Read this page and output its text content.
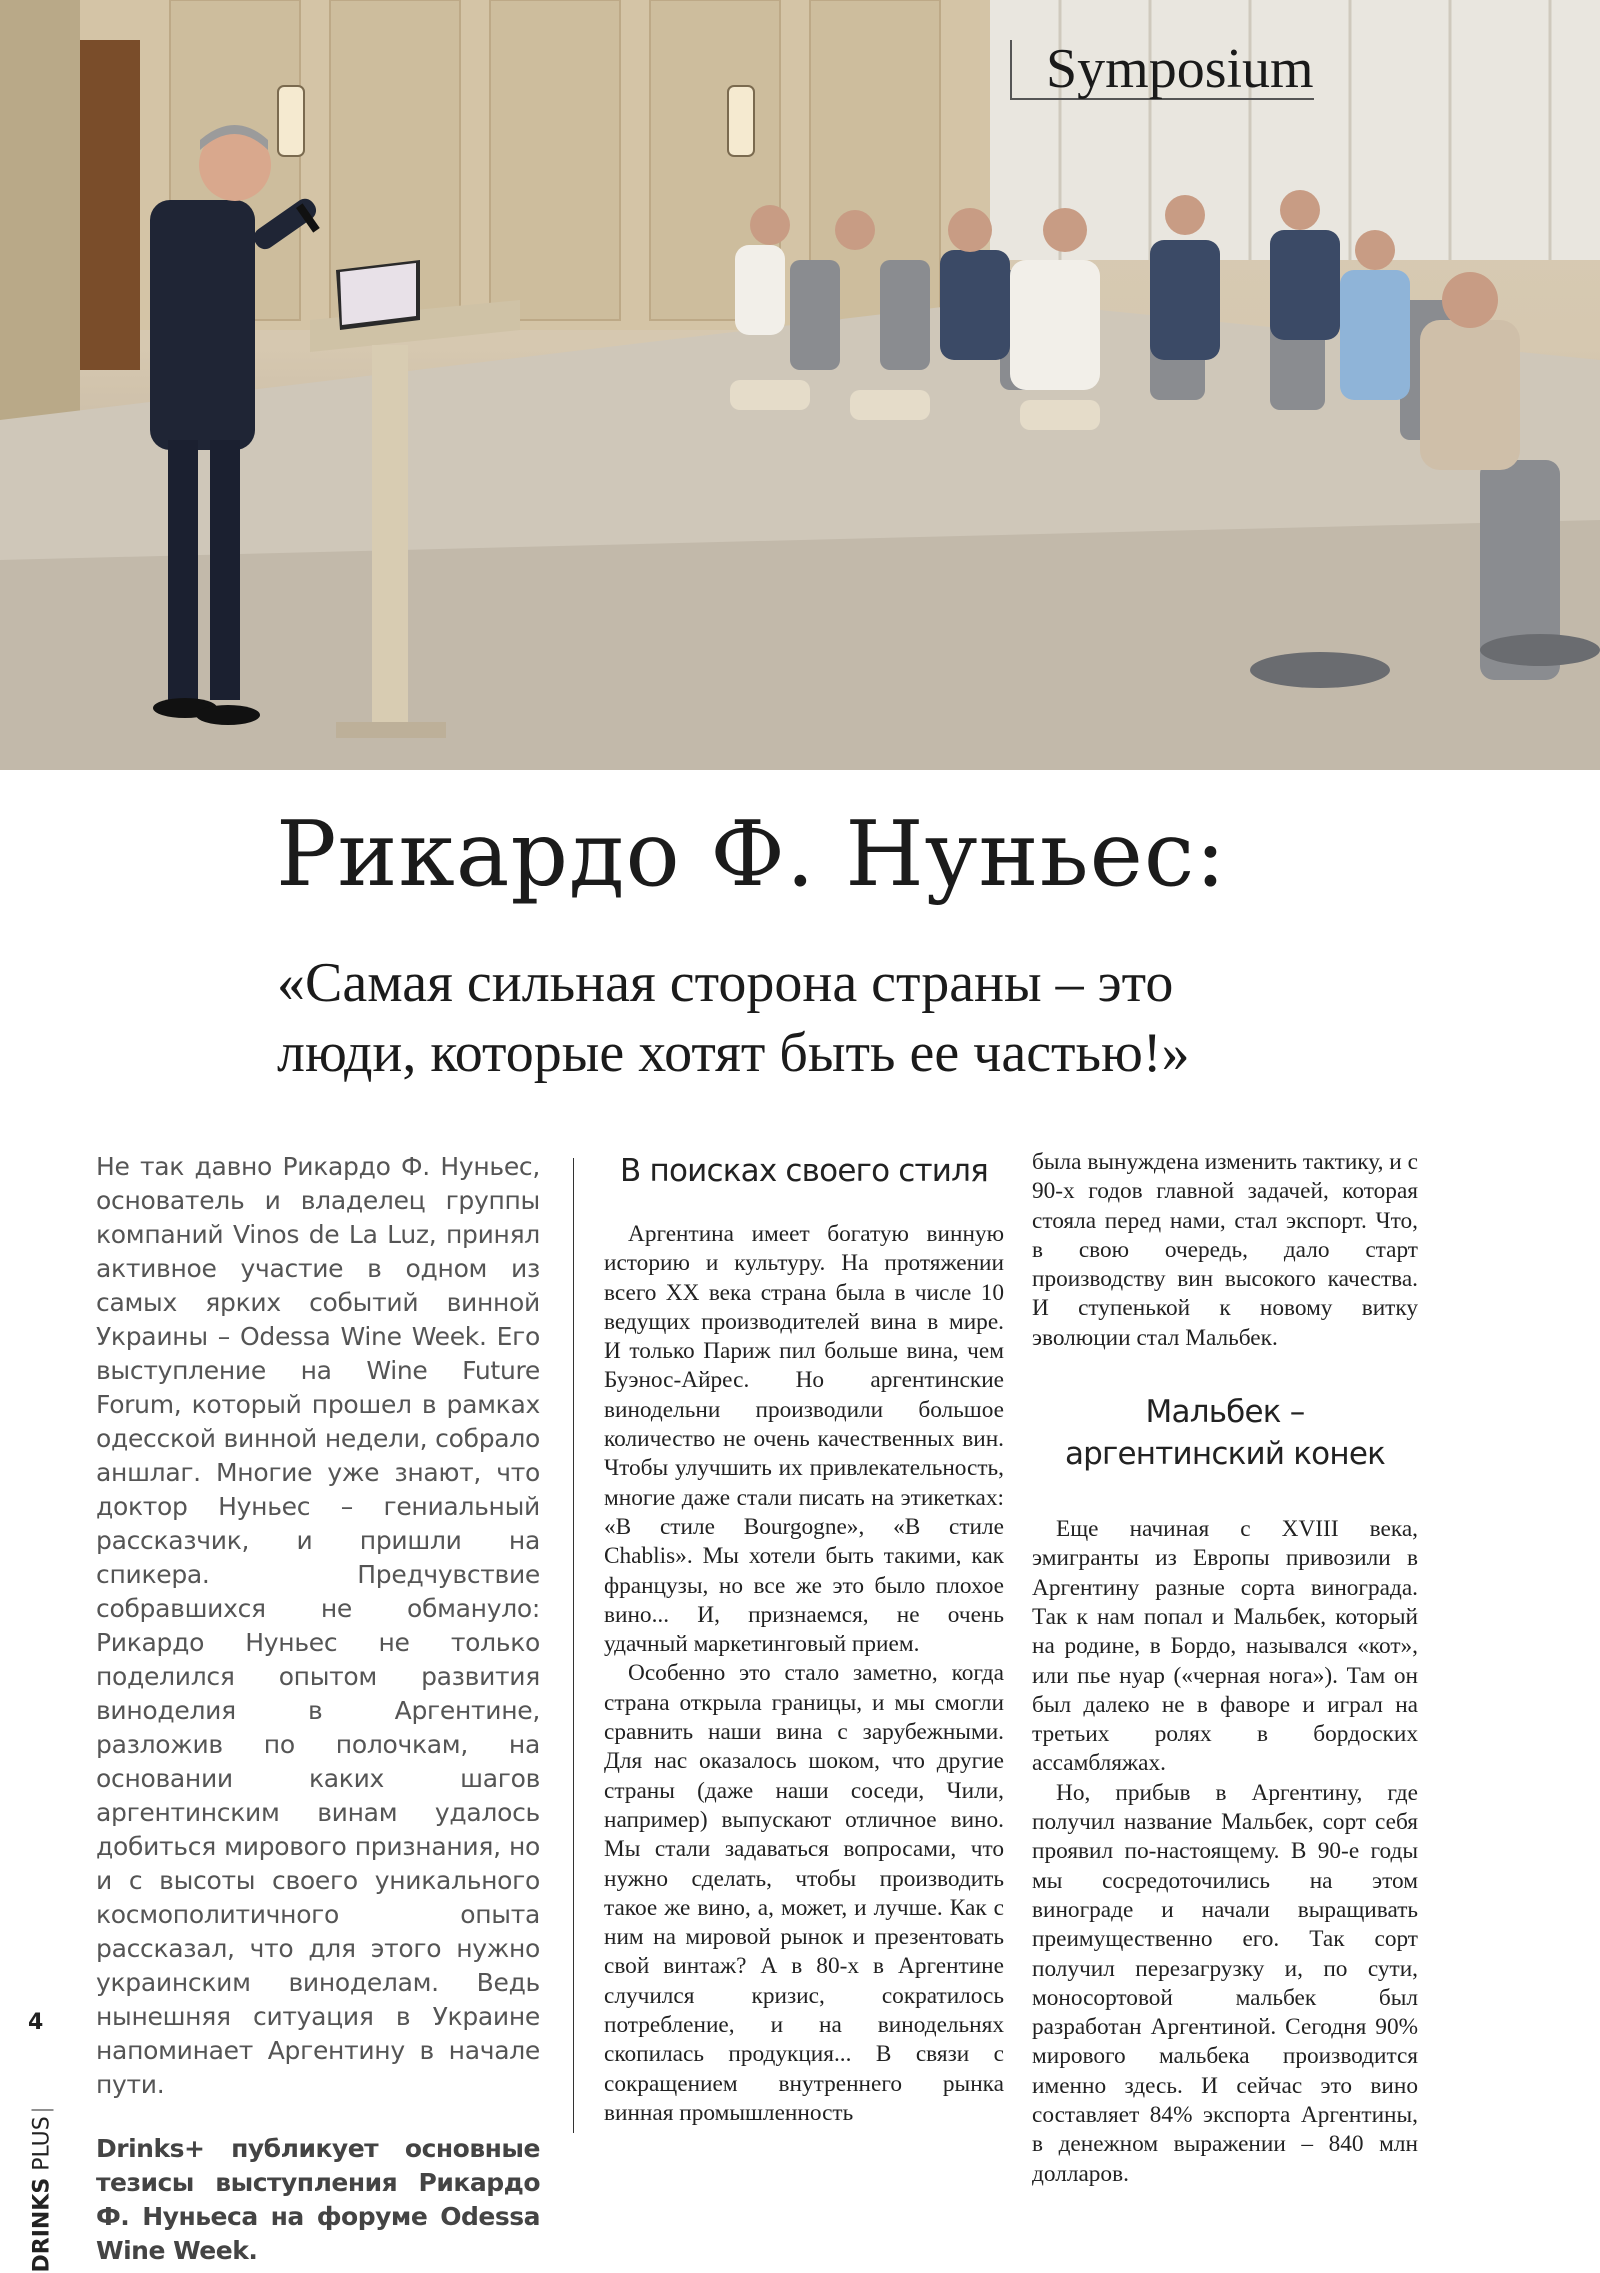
Symposium
Рикардо Ф. Нуньес:
«Самая сильная сторона страны – это
люди, которые хотят быть ее частью!»

Не так давно Рикардо Ф. Нуньес, основатель и владелец группы компаний Vinos de La Luz, принял активное участие в одном из самых ярких событий винной Украины – Odessa Wine Week. Его выступление на Wine Future Forum, который прошел в рамках одесской винной недели, собрало аншлаг. Многие уже знают, что доктор Нуньес – гениальный рассказчик, и пришли на спикера. Предчувствие собравшихся не обмануло: Рикардо Нуньес не только поделился опытом развития виноделия в Аргентине, разложив по полочкам, на основании каких шагов аргентинским винам удалось добиться мирового признания, но и с высоты своего уникального космополитичного опыта рассказал, что для этого нужно украинским виноделам. Ведь нынешняя ситуация в Украине напоминает Аргентину в начале пути.

Drinks+ публикует основные тезисы выступления Рикардо Ф. Нуньеса на форуме Odessa Wine Week.

В поисках своего стиля

Аргентина имеет богатую винную историю и культуру. На протяжении всего XX века страна была в числе 10 ведущих производителей вина в мире. И только Париж пил больше вина, чем Буэнос-Айрес. Но аргентинские винодельни производили большое количество не очень качественных вин. Чтобы улучшить их привлекательность, многие даже стали писать на этикетках: «В стиле Bourgogne», «В стиле Chablis». Мы хотели быть такими, как французы, но все же это было плохое вино... И, признаемся, не очень удачный маркетинговый прием.

Особенно это стало заметно, когда страна открыла границы, и мы смогли сравнить наши вина с зарубежными. Для нас оказалось шоком, что другие страны (даже наши соседи, Чили, например) выпускают отличное вино. Мы стали задаваться вопросами, что нужно сделать, чтобы производить такое же вино, а, может, и лучше. Как с ним на мировой рынок и презентовать свой винтаж? А в 80-х в Аргентине случился кризис, сократилось потребление, и на винодельнях скопилась продукция... В связи с сокращением внутреннего рынка винная промышленность

была вынуждена изменить тактику, и с 90-х годов главной задачей, которая стояла перед нами, стал экспорт. Что, в свою очередь, дало старт производству вин высокого качества. И ступенькой к новому витку эволюции стал Мальбек.

Мальбек – аргентинский конек

Еще начиная с XVIII века, эмигранты из Европы привозили в Аргентину разные сорта винограда. Так к нам попал и Мальбек, который на родине, в Бордо, назывался «кот», или пье нуар («черная нога»). Там он был далеко не в фаворе и играл на третьих ролях в бордоских ассамбляжах.

Но, прибыв в Аргентину, где получил название Мальбек, сорт себя проявил по-настоящему. В 90-е годы мы сосредоточились на этом винограде и начали выращивать преимущественно его. Так сорт получил перезагрузку и, по сути, моносортовой мальбек был разработан Аргентиной. Сегодня 90% мирового мальбека производится именно здесь. И сейчас это вино составляет 84% экспорта Аргентины, в денежном выражении – 840 млн долларов.

4
DRINKS PLUS
